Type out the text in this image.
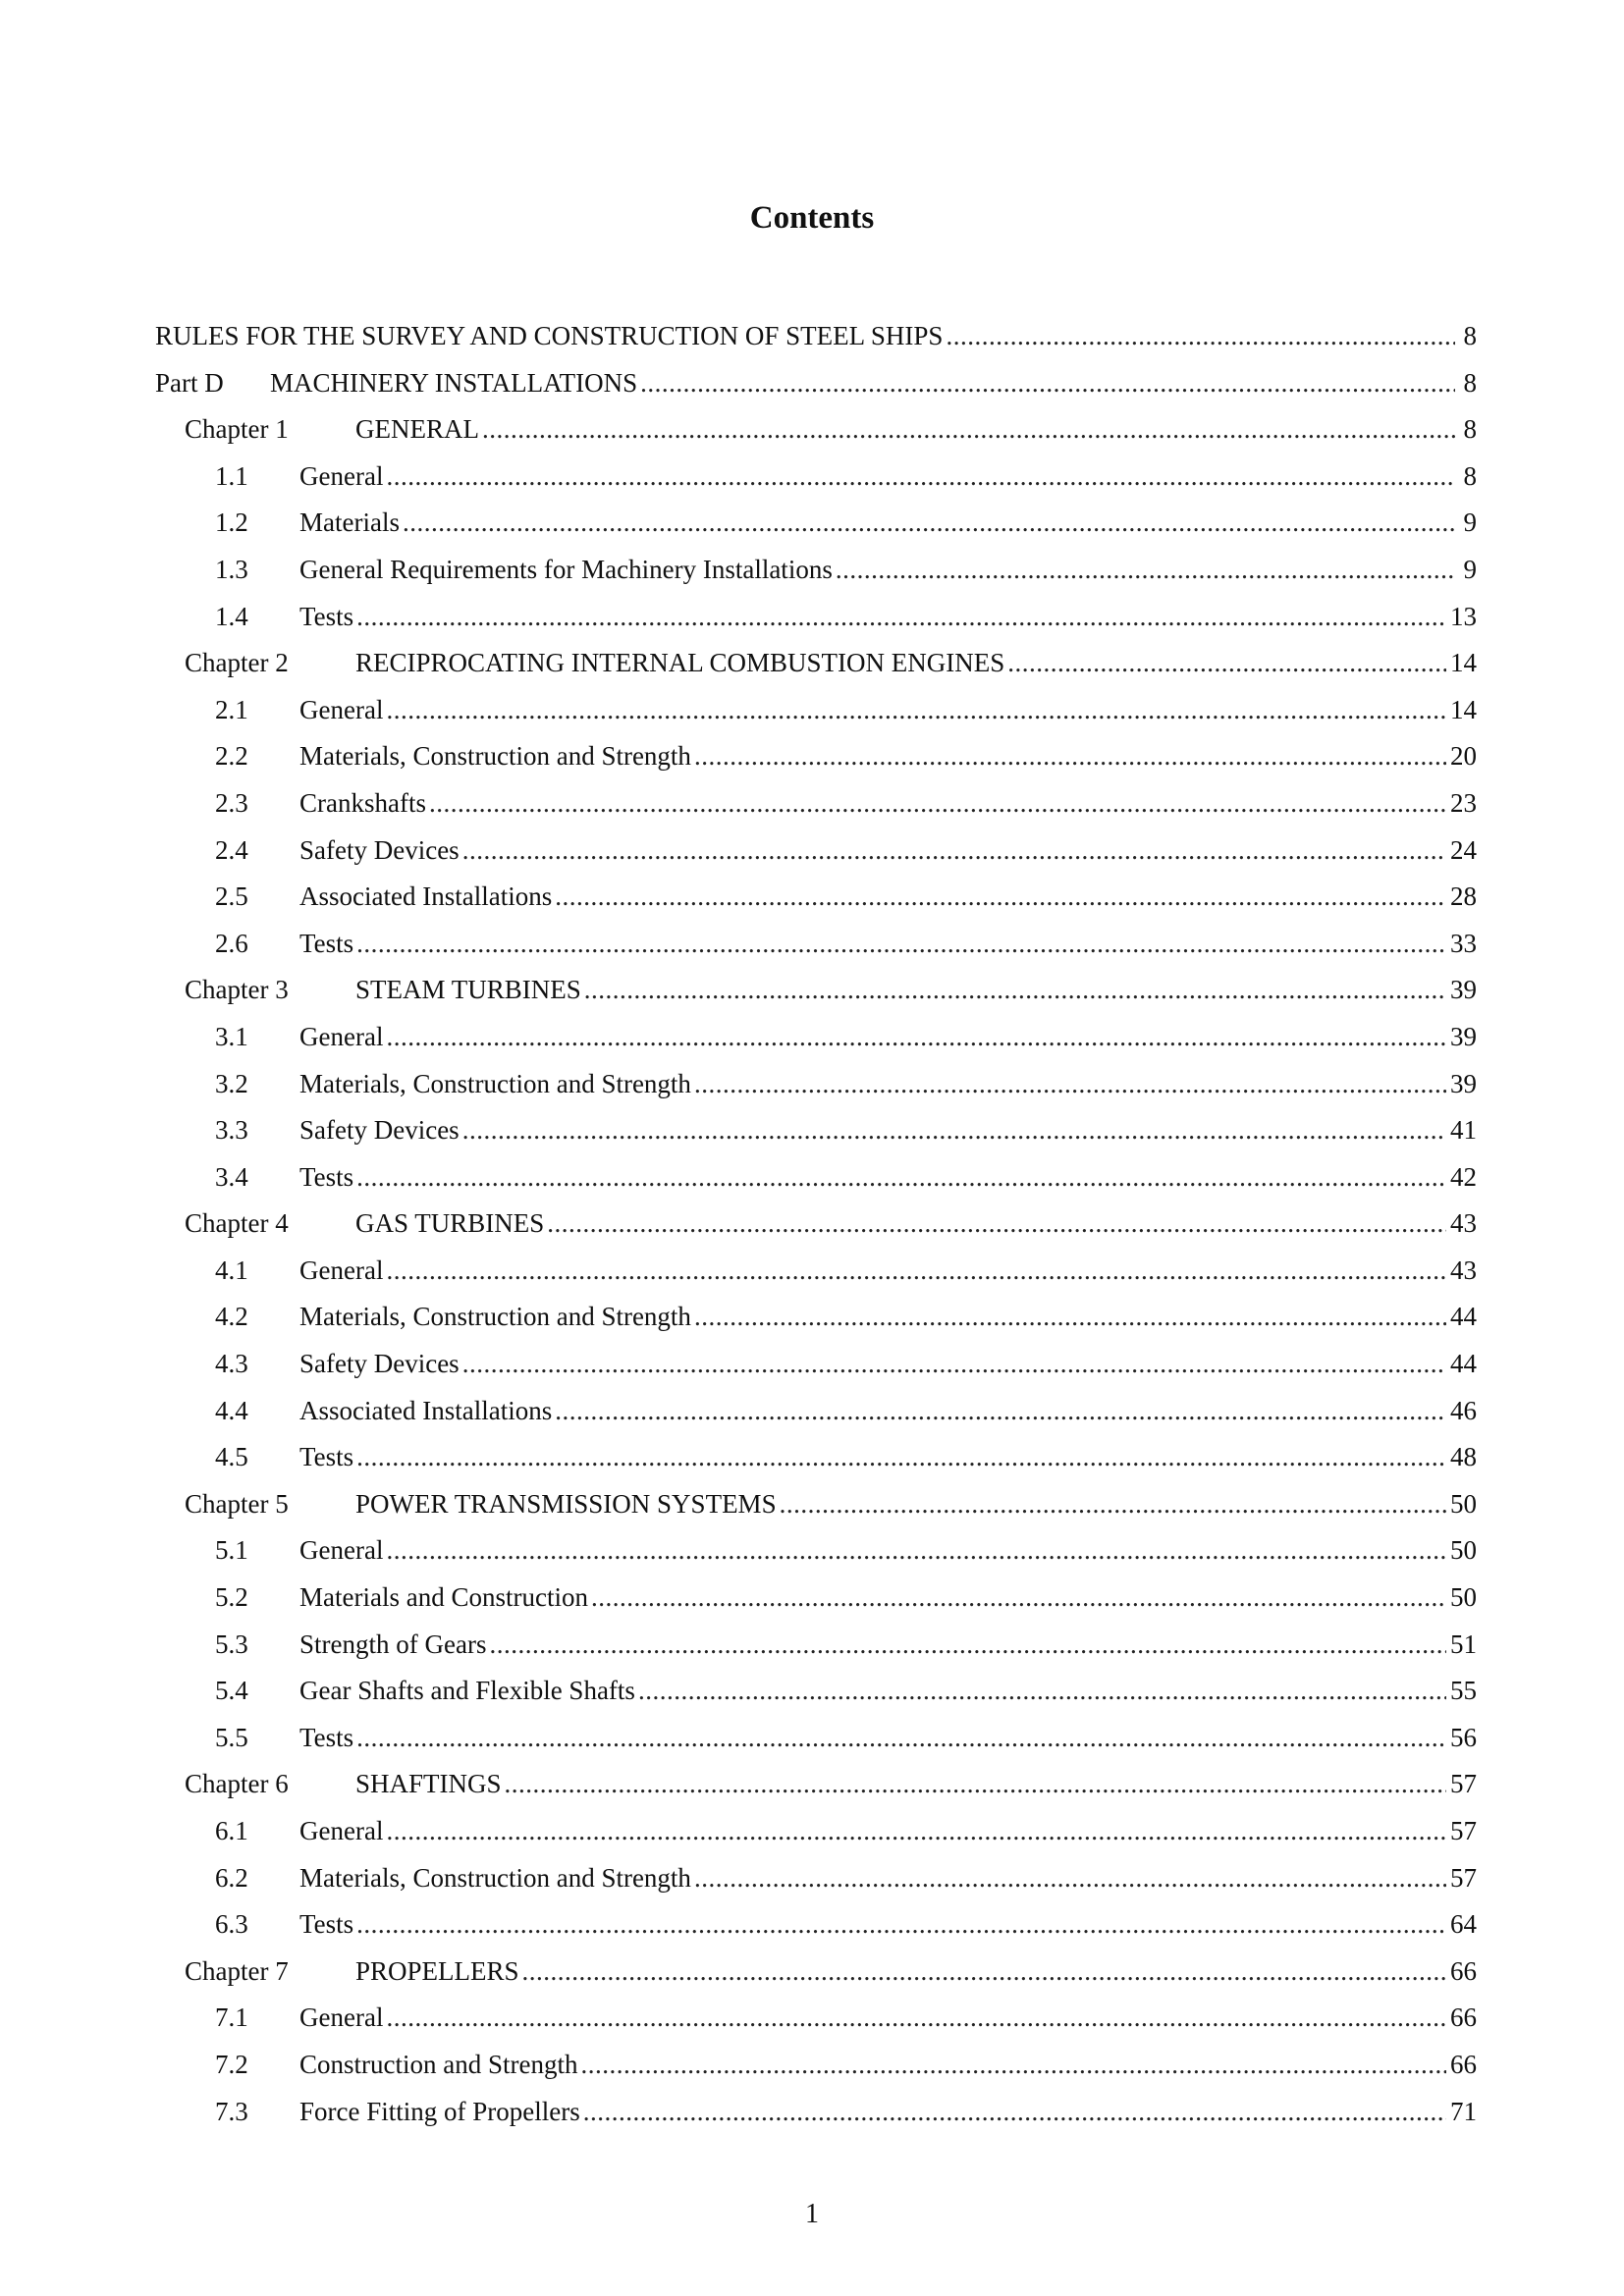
Contents
RULES FOR THE SURVEY AND CONSTRUCTION OF STEEL SHIPS .....	8
Part D	MACHINERY INSTALLATIONS .....	8
Chapter 1	GENERAL .....	8
1.1	General .....	8
1.2	Materials .....	9
1.3	General Requirements for Machinery Installations .....	9
1.4	Tests .....	13
Chapter 2	RECIPROCATING INTERNAL COMBUSTION ENGINES .....	14
2.1	General .....	14
2.2	Materials, Construction and Strength .....	20
2.3	Crankshafts .....	23
2.4	Safety Devices .....	24
2.5	Associated Installations .....	28
2.6	Tests .....	33
Chapter 3	STEAM TURBINES .....	39
3.1	General .....	39
3.2	Materials, Construction and Strength .....	39
3.3	Safety Devices .....	41
3.4	Tests .....	42
Chapter 4	GAS TURBINES .....	43
4.1	General .....	43
4.2	Materials, Construction and Strength .....	44
4.3	Safety Devices .....	44
4.4	Associated Installations .....	46
4.5	Tests .....	48
Chapter 5	POWER TRANSMISSION SYSTEMS .....	50
5.1	General .....	50
5.2	Materials and Construction .....	50
5.3	Strength of Gears .....	51
5.4	Gear Shafts and Flexible Shafts .....	55
5.5	Tests .....	56
Chapter 6	SHAFTINGS .....	57
6.1	General .....	57
6.2	Materials, Construction and Strength .....	57
6.3	Tests .....	64
Chapter 7	PROPELLERS .....	66
7.1	General .....	66
7.2	Construction and Strength .....	66
7.3	Force Fitting of Propellers .....	71
1
